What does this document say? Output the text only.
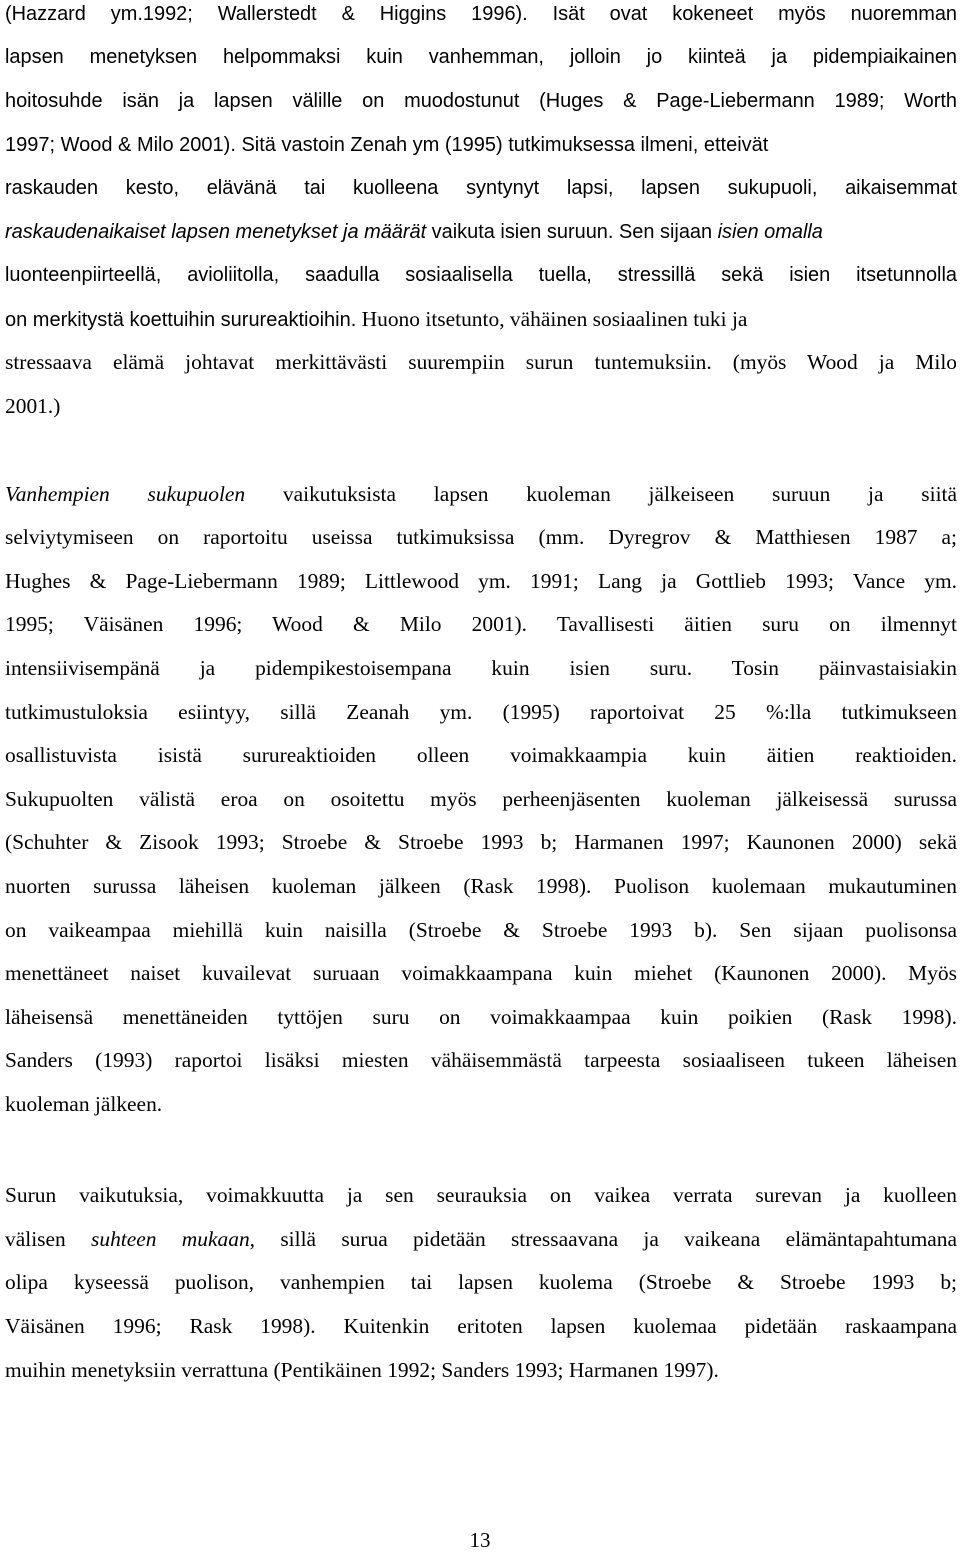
(Hazzard ym.1992; Wallerstedt & Higgins 1996). Isät ovat kokeneet myös nuoremman
lapsen menetyksen helpommaksi kuin vanhemman, jolloin jo kiinteä ja pidempiaikainen
hoitosuhde isän ja lapsen välille on muodostunut (Huges & Page-Liebermann 1989; Worth
1997; Wood & Milo 2001). Sitä vastoin Zenah ym (1995) tutkimuksessa ilmeni, etteivät
raskauden kesto, elävänä tai kuolleena syntynyt lapsi, lapsen sukupuoli, aikaisemmat
raskaudenaikaiset lapsen menetykset ja määrät vaikuta isien suruun. Sen sijaan isien omalla
luonteenpiirteellä, avioliitolla, saadulla sosiaalisella tuella, stressillä sekä isien itsetunnolla
on merkitystä koettuihin surureaktioihin. Huono itsetunto, vähäinen sosiaalinen tuki ja
stressaava elämä johtavat merkittävästi suurempiin surun tuntemuksiin. (myös Wood ja Milo
2001.)
Vanhempien sukupuolen vaikutuksista lapsen kuoleman jälkeiseen suruun ja siitä
selviytymiseen on raportoitu useissa tutkimuksissa (mm. Dyregrov & Matthiesen 1987 a;
Hughes & Page-Liebermann 1989; Littlewood ym. 1991; Lang ja Gottlieb 1993; Vance ym.
1995; Väisänen 1996; Wood & Milo 2001). Tavallisesti äitien suru on ilmennyt
intensiivisempänä ja pidempikestoisempana kuin isien suru. Tosin päinvastaisiakin
tutkimustuloksia esiintyy, sillä Zeanah ym. (1995) raportoivat 25 %:lla tutkimukseen
osallistuvista isistä surureaktioiden olleen voimakkaampia kuin äitien reaktioiden.
Sukupuolten välistä eroa on osoitettu myös perheenjäsenten kuoleman jälkeisessä surussa
(Schuhter & Zisook 1993; Stroebe & Stroebe 1993 b; Harmanen 1997; Kaunonen 2000) sekä
nuorten surussa läheisen kuoleman jälkeen (Rask 1998). Puolison kuolemaan mukautuminen
on vaikeampaa miehillä kuin naisilla (Stroebe & Stroebe 1993 b). Sen sijaan puolisonsa
menettäneet naiset kuvailevat suruaan voimakkaampana kuin miehet (Kaunonen 2000). Myös
läheisensä menettäneiden tyttöjen suru on voimakkaampaa kuin poikien (Rask 1998).
Sanders (1993) raportoi lisäksi miesten vähäisemmästä tarpeesta sosiaaliseen tukeen läheisen
kuoleman jälkeen.
Surun vaikutuksia, voimakkuutta ja sen seurauksia on vaikea verrata surevan ja kuolleen
välisen suhteen mukaan, sillä surua pidetään stressaavana ja vaikeana elämäntapahtumana
olipa kyseessä puolison, vanhempien tai lapsen kuolema (Stroebe & Stroebe 1993 b;
Väisänen 1996; Rask 1998). Kuitenkin eritoten lapsen kuolemaa pidetään raskaampana
muihin menetyksiin verrattuna (Pentikäinen 1992; Sanders 1993; Harmanen 1997).
13
